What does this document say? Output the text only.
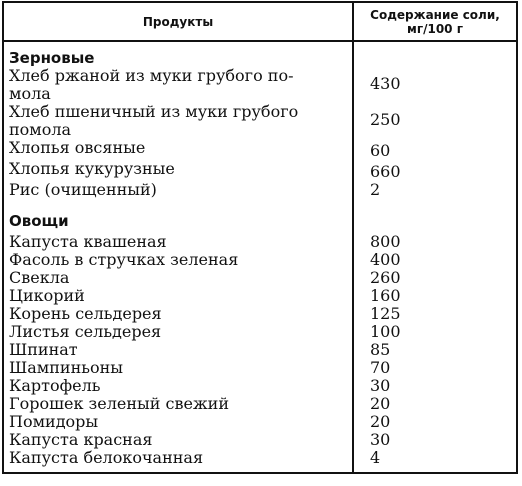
Продукты	Содержание соли,
мг/100 г
Зерновые	

Хлеб ржаной из муки грубого по-
мола	430

Хлеб пшеничный из муки грубого
помола	250
Хлопья овсяные	60
Хлопья кукурузные	660
Рис (очищенный)	2
Овощи	
Капуста квашеная	800
Фасоль в стручках зеленая	400
Свекла	260
Цикорий	160
Корень сельдерея	125
Листья сельдерея	100
Шпинат	85
Шампиньоны	70
Картофель	30
Горошек зеленый свежий	20
Помидоры	20
Капуста красная	30
Капуста белокочанная	4
